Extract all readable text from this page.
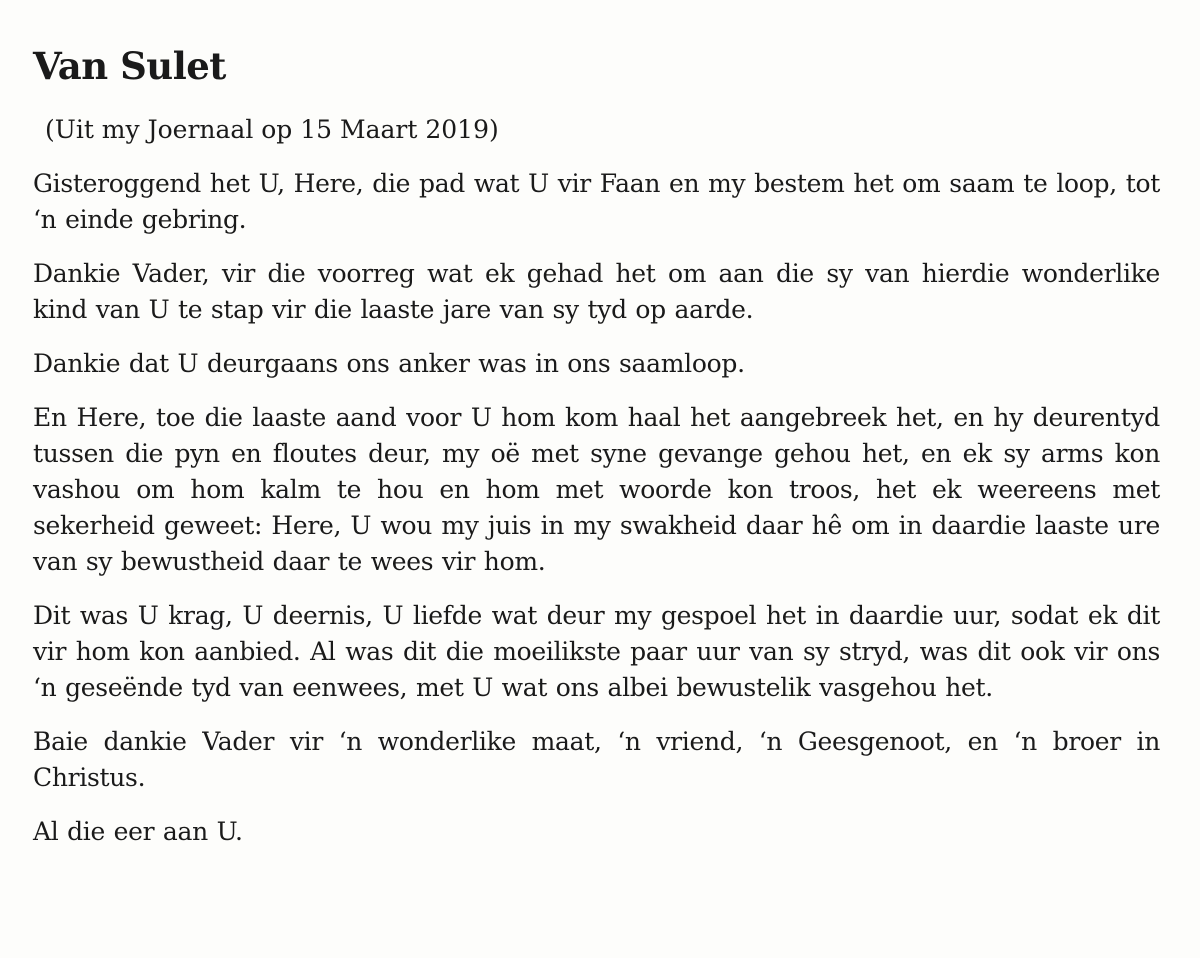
Van Sulet
(Uit my Joernaal op 15 Maart 2019)

Gisteroggend het U, Here, die pad wat U vir Faan en my bestem het om saam te loop, tot ‘n einde gebring.

Dankie Vader, vir die voorreg wat ek gehad het om aan die sy van hierdie wonderlike kind van U te stap vir die laaste jare van sy tyd op aarde.

Dankie dat U deurgaans ons anker was in ons saamloop.

En Here, toe die laaste aand voor U hom kom haal het aangebreek het, en hy deurentyd tussen die pyn en floutes deur, my oë met syne gevange gehou het, en ek sy arms kon vashou om hom kalm te hou en hom met woorde kon troos, het ek weereens met sekerheid geweet: Here, U wou my juis in my swakheid daar hê om in daardie laaste ure van sy bewustheid daar te wees vir hom.

Dit was U krag, U deernis, U liefde wat deur my gespoel het in daardie uur, sodat ek dit vir hom kon aanbied. Al was dit die moeilikste paar uur van sy stryd, was dit ook vir ons ‘n geseënde tyd van eenwees, met U wat ons albei bewustelik vasgehou het.

Baie dankie Vader vir ‘n wonderlike maat, ‘n vriend, ‘n Geesgenoot, en ‘n broer in Christus.

Al die eer aan U.
